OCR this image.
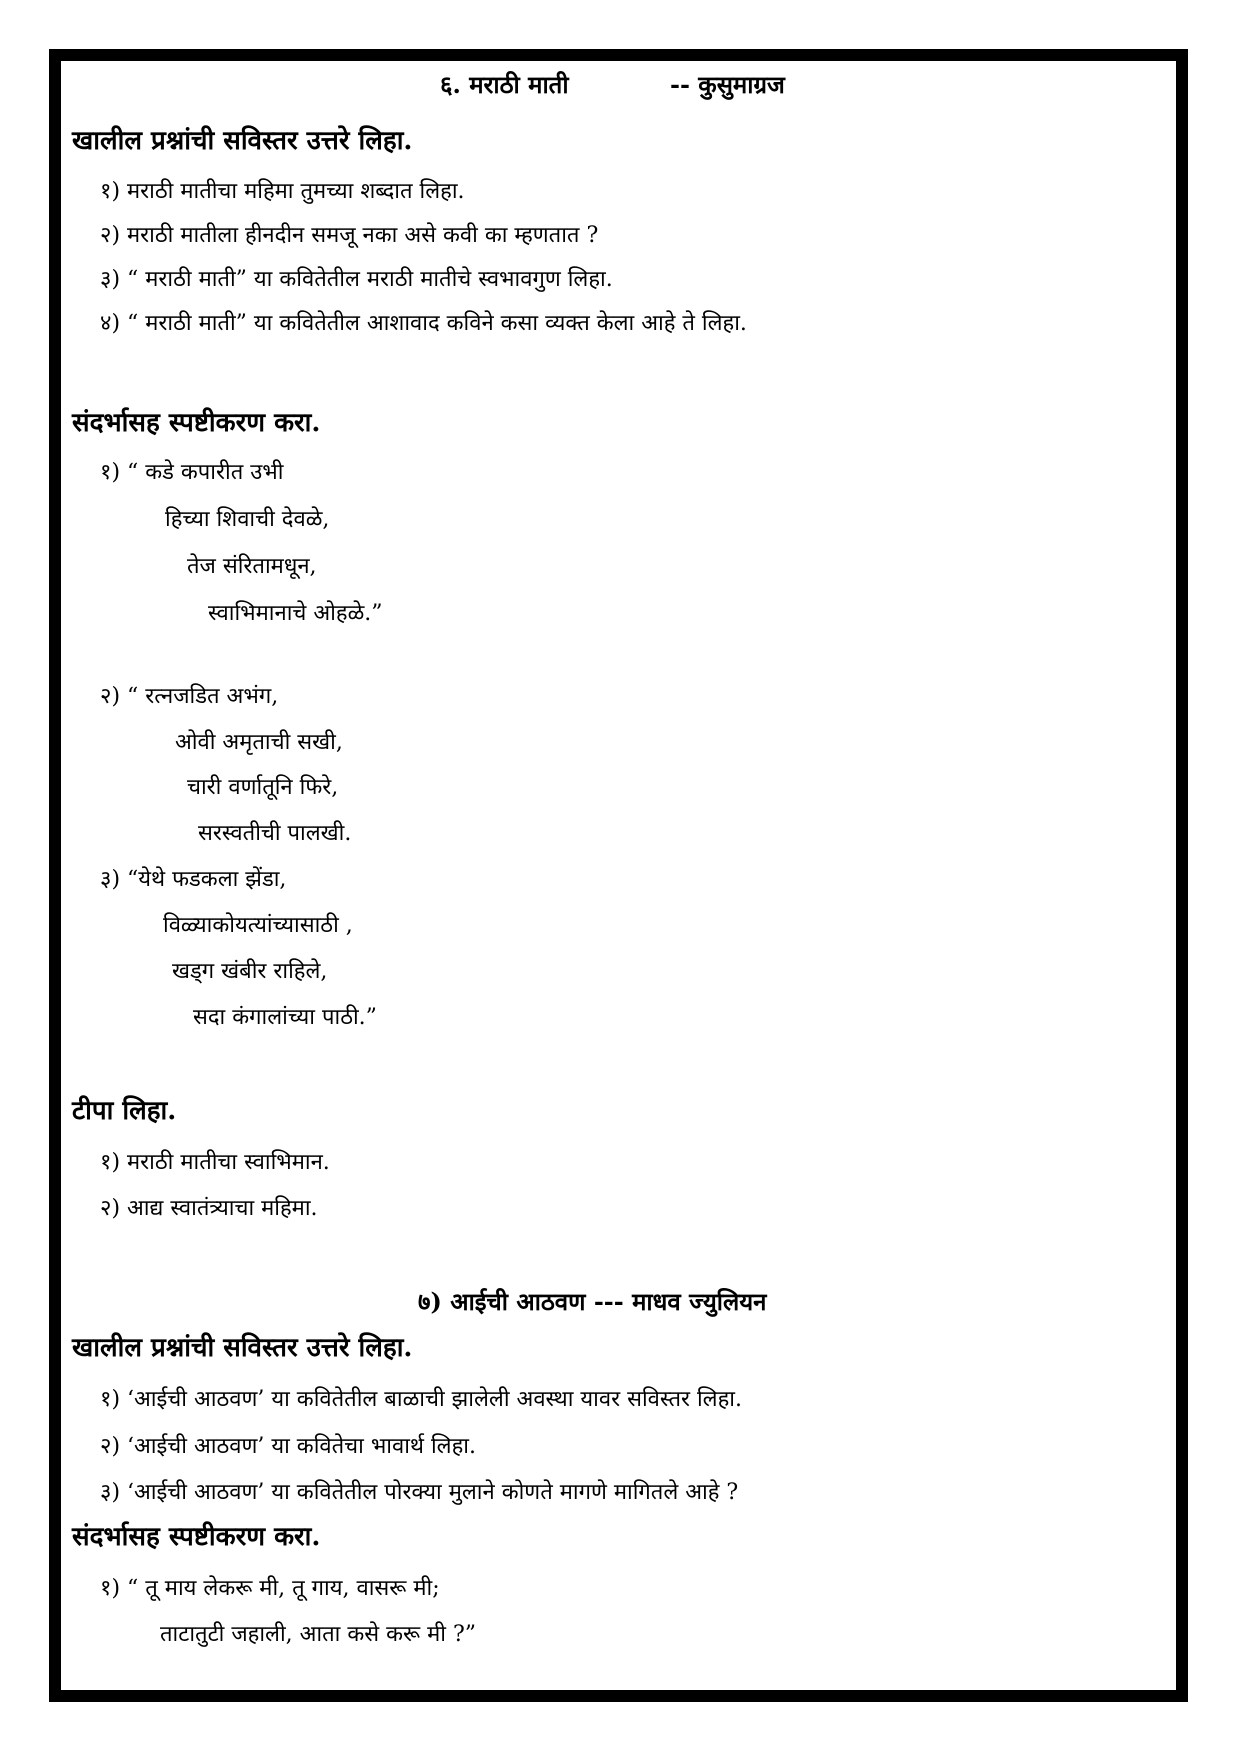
६. मराठी माती	-- कुसुमाग्रज
खालील प्रश्नांची सविस्तर उत्तरे लिहा.
१) मराठी मातीचा महिमा तुमच्या शब्दात लिहा.
२) मराठी मातीला हीनदीन समजू नका असे कवी का म्हणतात ?
३) “ मराठी माती” या कवितेतील मराठी मातीचे स्वभावगुण लिहा.
४) “ मराठी माती” या कवितेतील आशावाद कविने कसा व्यक्त केला आहे ते लिहा.
संदर्भासह स्पष्टीकरण करा.
१) “ कडे कपारीत उभी
हिच्या शिवाची देवळे,
तेज संरितामधून,
स्वाभिमानाचे ओहळे.”
२) “ रत्नजडित अभंग,
ओवी अमृताची सखी,
चारी वर्णातूनि फिरे,
सरस्वतीची पालखी.
३) “येथे फडकला झेंडा,
विळ्याकोयत्यांच्यासाठी ,
खड्ग खंबीर राहिले,
सदा कंगालांच्या पाठी.”
टीपा लिहा.
१) मराठी मातीचा स्वाभिमान.
२) आद्य स्वातंत्र्याचा महिमा.
७) आईची आठवण --- माधव ज्युलियन
खालील प्रश्नांची सविस्तर उत्तरे लिहा.
१) ‘आईची आठवण’ या कवितेतील बाळाची झालेली अवस्था यावर सविस्तर लिहा.
२) ‘आईची आठवण’ या कवितेचा भावार्थ लिहा.
३) ‘आईची आठवण’ या कवितेतील पोरक्या मुलाने कोणते मागणे मागितले आहे ?
संदर्भासह स्पष्टीकरण करा.
१) “ तू माय लेकरू मी, तू गाय, वासरू मी;
ताटातुटी जहाली, आता कसे करू मी ?”
